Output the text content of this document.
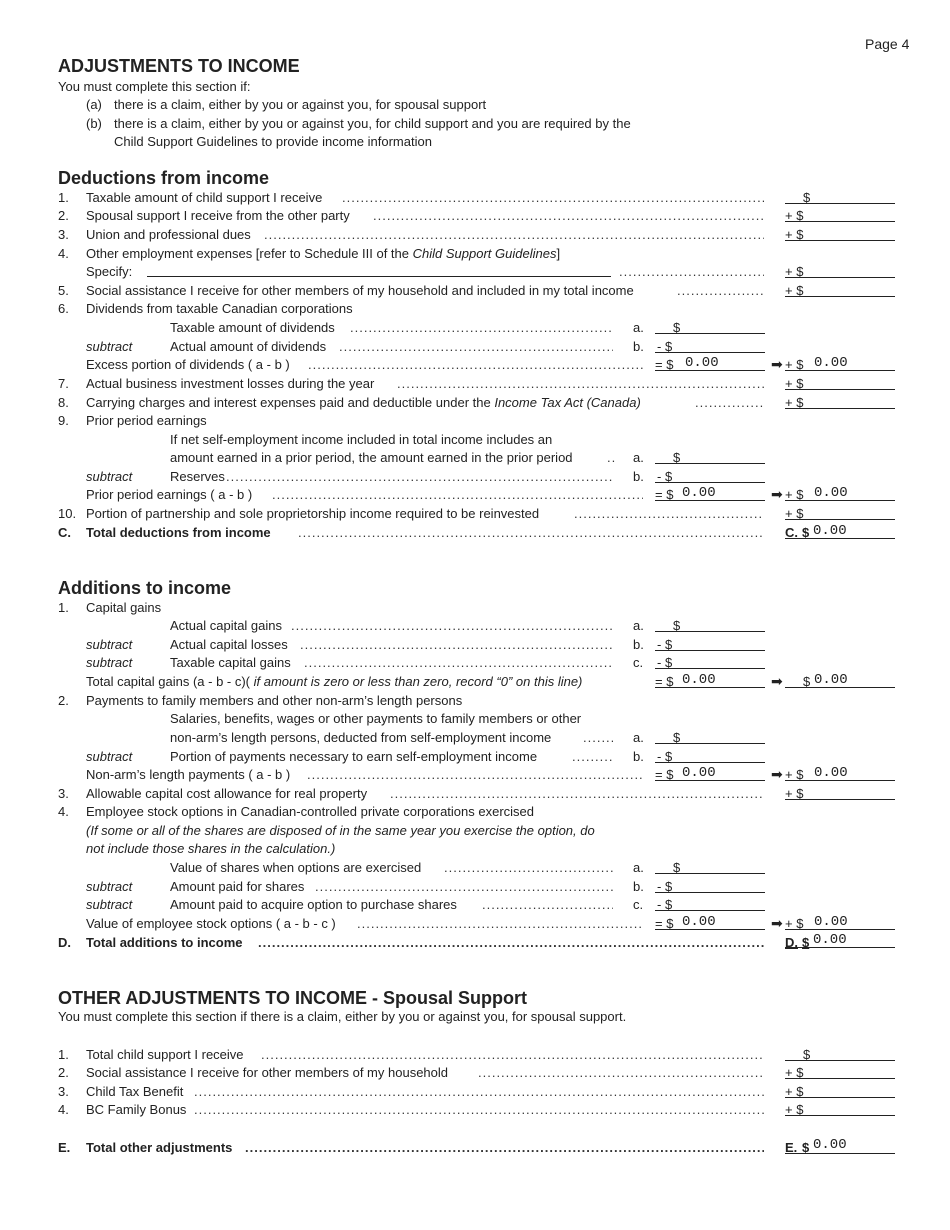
Page 4
ADJUSTMENTS TO INCOME
You must complete this section if:
(a) there is a claim, either by you or against you, for spousal support
(b) there is a claim, either by you or against you, for child support and you are required by the
Child Support Guidelines to provide income information
Deductions from income
1. Taxable amount of child support I receive .....	$
2. Spousal support I receive from the other party .....	+ $
3. Union and professional dues .....	+ $
4. Other employment expenses [refer to Schedule III of the Child Support Guidelines]
Specify: .....	+ $
5. Social assistance I receive for other members of my household and included in my total income .....	+ $
6. Dividends from taxable Canadian corporations
Taxable amount of dividends .....	a. $
subtract	Actual amount of dividends .....	b. - $
Excess portion of dividends ( a - b ) .....	= $ 0.00	➡ + $ 0.00
7. Actual business investment losses during the year .....	+ $
8. Carrying charges and interest expenses paid and deductible under the Income Tax Act (Canada) .....	+ $
9. Prior period earnings
If net self-employment income included in total income includes an
amount earned in a prior period, the amount earned in the prior period .....	a. $
subtract	Reserves .....	b. - $
Prior period earnings ( a - b ) .....	= $ 0.00	➡ + $ 0.00
10. Portion of partnership and sole proprietorship income required to be reinvested .....	+ $
C. Total deductions from income .....	C. $ 0.00
Additions to income
1. Capital gains
Actual capital gains .....	a. $
subtract	Actual capital losses .....	b. - $
subtract	Taxable capital gains .....	c. - $
Total capital gains (a - b - c)( if amount is zero or less than zero, record “0” on this line)	= $ 0.00	➡ $ 0.00
2. Payments to family members and other non-arm’s length persons
Salaries, benefits, wages or other payments to family members or other
non-arm’s length persons, deducted from self-employment income .....	a. $
subtract	Portion of payments necessary to earn self-employment income .....	b. - $
Non-arm’s length payments ( a - b ) .....	= $ 0.00	➡ + $ 0.00
3. Allowable capital cost allowance for real property .....	+ $
4. Employee stock options in Canadian-controlled private corporations exercised
(If some or all of the shares are disposed of in the same year you exercise the option, do
not include those shares in the calculation.)
Value of shares when options are exercised .....	a. $
subtract	Amount paid for shares .....	b. - $
subtract	Amount paid to acquire option to purchase shares .....	c. - $
Value of employee stock options ( a - b - c ) .....	= $ 0.00	➡ + $ 0.00
D. Total additions to income .....	D. $ 0.00
OTHER ADJUSTMENTS TO INCOME - Spousal Support
You must complete this section if there is a claim, either by you or against you, for spousal support.
1. Total child support I receive .....	$
2. Social assistance I receive for other members of my household .....	+ $
3. Child Tax Benefit .....	+ $
4. BC Family Bonus .....	+ $
E. Total other adjustments .....	E. $ 0.00
